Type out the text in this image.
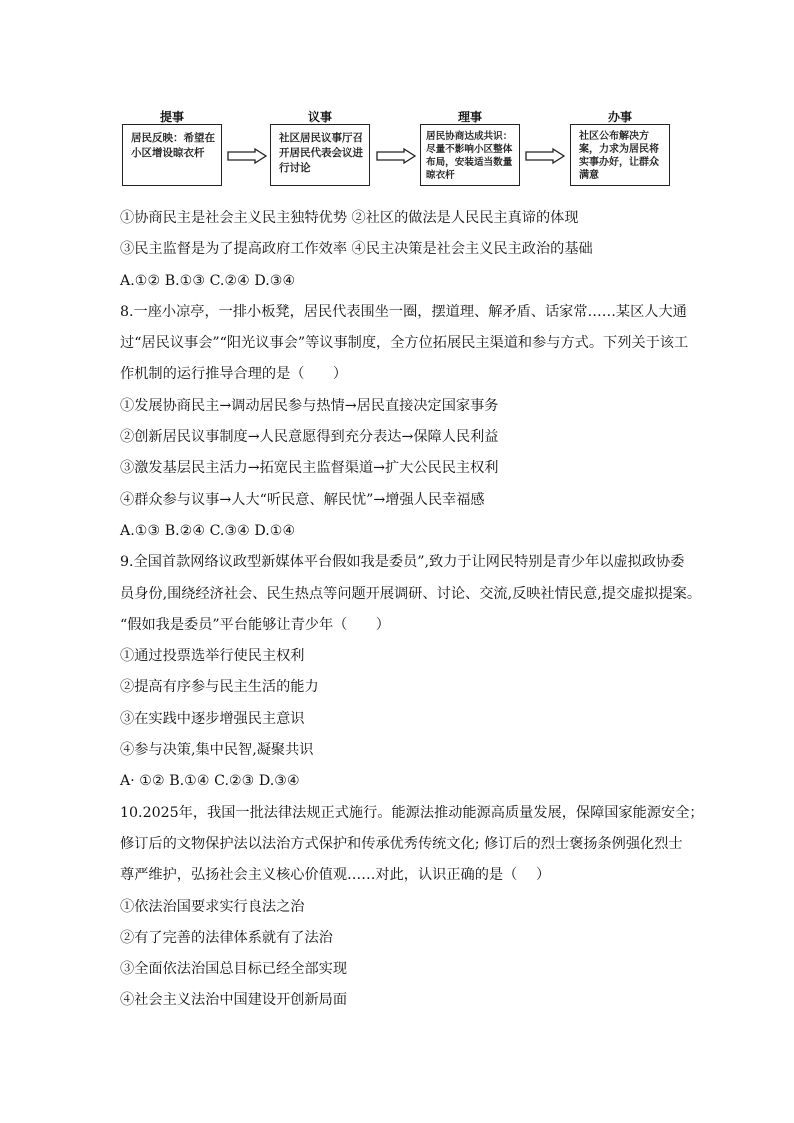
提事
居民反映：希望在小区增设晾衣杆
议事
社区居民议事厅召开居民代表会议进行讨论
理事
居民协商达成共识：尽量不影响小区整体布局，安装适当数量晾衣杆
办事
社区公布解决方案，力求为居民将实事办好，让群众满意
①协商民主是社会主义民主独特优势 ②社区的做法是人民民主真谛的体现
③民主监督是为了提高政府工作效率 ④民主决策是社会主义民主政治的基础
A.①② B.①③ C.②④ D.③④
8.一座小凉亭，一排小板凳，居民代表围坐一圈，摆道理、解矛盾、话家常……某区人大通
过“居民议事会”“阳光议事会”等议事制度，全方位拓展民主渠道和参与方式。下列关于该工
作机制的运行推导合理的是（　　）
①发展协商民主→调动居民参与热情→居民直接决定国家事务
②创新居民议事制度→人民意愿得到充分表达→保障人民利益
③激发基层民主活力→拓宽民主监督渠道→扩大公民民主权利
④群众参与议事→人大“听民意、解民忧”→增强人民幸福感
A.①③ B.②④ C.③④ D.①④
9.全国首款网络议政型新媒体平台假如我是委员”,致力于让网民特别是青少年以虚拟政协委
员身份,围绕经济社会、民生热点等问题开展调研、讨论、交流,反映社情民意,提交虚拟提案。
“假如我是委员”平台能够让青少年（　　）
①通过投票选举行使民主权利
②提高有序参与民主生活的能力
③在实践中逐步增强民主意识
④参与决策,集中民智,凝聚共识
A· ①② B.①④ C.②③ D.③④
10.2025年，我国一批法律法规正式施行。能源法推动能源高质量发展，保障国家能源安全；
修订后的文物保护法以法治方式保护和传承优秀传统文化; 修订后的烈士褒扬条例强化烈士
尊严维护，弘扬社会主义核心价值观……对此，认识正确的是（　 ）
①依法治国要求实行良法之治
②有了完善的法律体系就有了法治
③全面依法治国总目标已经全部实现
④社会主义法治中国建设开创新局面
